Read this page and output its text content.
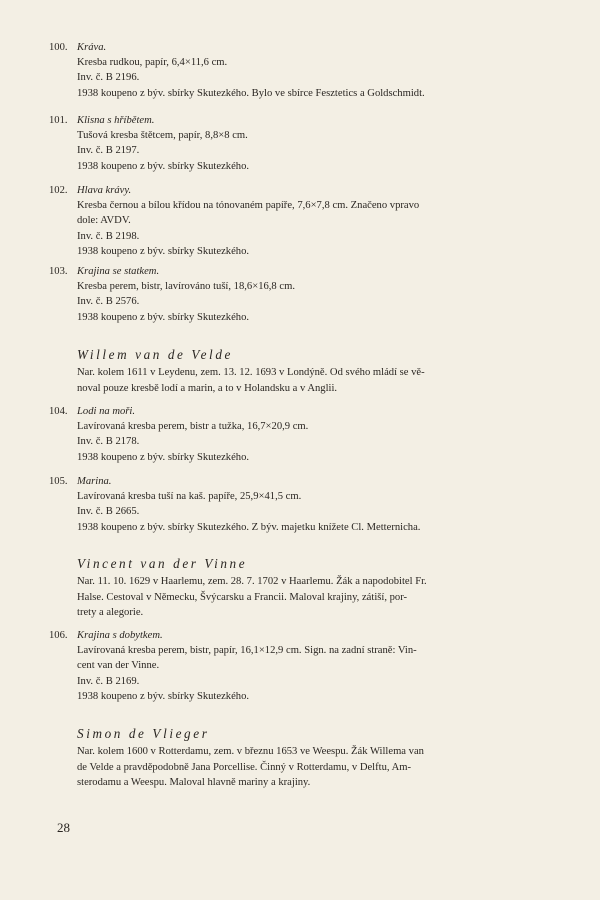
100. Kráva.
Kresba rudkou, papír, 6,4×11,6 cm.
Inv. č. B 2196.
1938 koupeno z býv. sbírky Skutezkého. Bylo ve sbírce Fesztetics a Goldschmidt.
101. Klisna s hříbětem.
Tušová kresba štětcem, papír, 8,8×8 cm.
Inv. č. B 2197.
1938 koupeno z býv. sbírky Skutezkého.
102. Hlava krávy.
Kresba černou a bílou křídou na tónovaném papíře, 7,6×7,8 cm. Značeno vpravo
dole: AVDV.
Inv. č. B 2198.
1938 koupeno z býv. sbírky Skutezkého.
103. Krajina se statkem.
Kresba perem, bistr, lavírováno tuší, 18,6×16,8 cm.
Inv. č. B 2576.
1938 koupeno z býv. sbírky Skutezkého.
Willem van de Velde
Nar. kolem 1611 v Leydenu, zem. 13. 12. 1693 v Londýně. Od svého mládí se vě-
noval pouze kresbě lodí a marin, a to v Holandsku a v Anglii.
104. Lodi na moři.
Lavírovaná kresba perem, bistr a tužka, 16,7×20,9 cm.
Inv. č. B 2178.
1938 koupeno z býv. sbírky Skutezkého.
105. Marina.
Lavírovaná kresba tuší na kaš. papíře, 25,9×41,5 cm.
Inv. č. B 2665.
1938 koupeno z býv. sbírky Skutezkého. Z býv. majetku knížete Cl. Metternicha.
Vincent van der Vinne
Nar. 11. 10. 1629 v Haarlemu, zem. 28. 7. 1702 v Haarlemu. Žák a napodobitel Fr.
Halse. Cestoval v Německu, Švýcarsku a Francii. Maloval krajiny, zátiší, por-
trety a alegorie.
106. Krajina s dobytkem.
Lavírovaná kresba perem, bistr, papír, 16,1×12,9 cm. Sign. na zadní straně: Vin-
cent van der Vinne.
Inv. č. B 2169.
1938 koupeno z býv. sbírky Skutezkého.
Simon de Vlieger
Nar. kolem 1600 v Rotterdamu, zem. v březnu 1653 ve Weespu. Žák Willema van
de Velde a pravděpodobně Jana Porcellise. Činný v Rotterdamu, v Delftu, Am-
sterodamu a Weespu. Maloval hlavně mariny a krajiny.
28
